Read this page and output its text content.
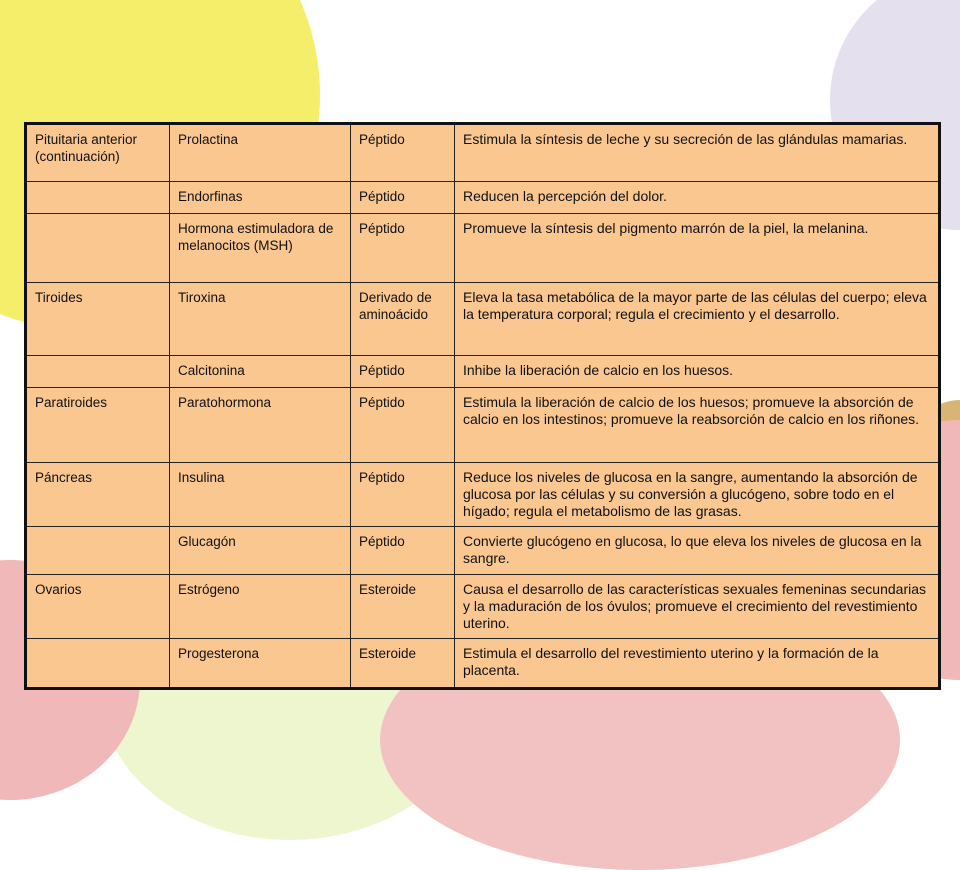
Pituitaria anterior (continuación)	Prolactina	Péptido	Estimula la síntesis de leche y su secreción de las glándulas mamarias.
	Endorfinas	Péptido	Reducen la percepción del dolor.
	Hormona estimuladora de melanocitos (MSH)	Péptido	Promueve la síntesis del pigmento marrón de la piel, la melanina.
Tiroides	Tiroxina	Derivado de aminoácido	Eleva la tasa metabólica de la mayor parte de las células del cuerpo; eleva la temperatura corporal; regula el crecimiento y el desarrollo.
	Calcitonina	Péptido	Inhibe la liberación de calcio en los huesos.
Paratiroides	Paratohormona	Péptido	Estimula la liberación de calcio de los huesos; promueve la absorción de calcio en los intestinos; promueve la reabsorción de calcio en los riñones.
Páncreas	Insulina	Péptido	Reduce los niveles de glucosa en la sangre, aumentando la absorción de glucosa por las células y su conversión a glucógeno, sobre todo en el hígado; regula el metabolismo de las grasas.
	Glucagón	Péptido	Convierte glucógeno en glucosa, lo que eleva los niveles de glucosa en la sangre.
Ovarios	Estrógeno	Esteroide	Causa el desarrollo de las características sexuales femeninas secundarias y la maduración de los óvulos; promueve el crecimiento del revestimiento uterino.
	Progesterona	Esteroide	Estimula el desarrollo del revestimiento uterino y la formación de la placenta.
